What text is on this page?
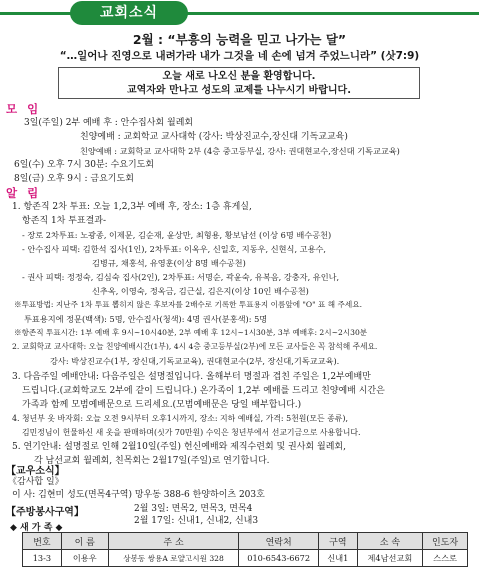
교회소식
2월 : “부흥의 능력을 믿고 나가는 달”
“…일어나 진영으로 내려가라 내가 그것을 네 손에 넘겨 주었느니라” (삿7:9)
오늘 새로 나오신 분을 환영합니다.
교역자와 만나고 성도의 교제를 나누시기 바랍니다.
모 임
3일(주일) 2부 예배 후 : 안수집사회 월례회
친양예배 : 교회학교 교사대학 (강사: 박상진교수,장신대 기독교교육)
친양예배 : 교회학교 교사대학 2부 (4층 중고등부실, 강사: 권대현교수,장신대 기독교교육)
6일(수) 오후 7시 30분: 수요기도회
8일(금) 오후 9시 : 금요기도회
알 림
1. 항존직 2차 투표: 오늘 1,2,3부 예배 후, 장소: 1층 휴게실,
항존직 1차 투표결과-
- 장로 2차투표: 노광종, 이제문, 김순재, 윤상만, 최형용, 황보남선 (이상 6명 배수공천)
- 안수집사 피택: 김한석 집사(1인), 2차투표: 이옥우, 신일호, 지동우, 신현식, 고용수,
김병규, 채홍석, 유영훈(이상 8명 배수공천)
- 권사 피택: 정정숙, 김심숙 집사(2인), 2차투표: 서명순, 곽윤숙, 유복음, 강충자, 유인나,
신추옥, 이영숙, 정옥금, 김근실, 김은지(이상 10인 배수공천)
※투표방법: 지난주 1차 투표 뽑히지 않은 후보자를 2배수로 기록한 투표용지 이름앞에 "O" 표 해 주세요.
투표용지에 정문(백색): 5명, 안수집사(청색): 4명 권사(분홍색): 5명
※항존직 투표시간: 1부 예배 후 9시~10시40분, 2부 예배 후 12시~1시30분, 3부 예배후: 2시~2시30분
2. 교회학교 교사대학: 오늘 친양예배시간(1부), 4시 4층 중고등부실(2부)에 모든 교사들은 꼭 참석해 주세요.
강사: 박상진교수(1부, 장신대,기독교교육), 권대현교수(2부, 장신대,기독교교육).
3. 다음주일 예배안내: 다음주일은 설명절입니다. 올해부터 명절과 겹친 주일은 1,2부예배만
드립니다.(교회학교도 2부에 같이 드립니다.) 온가족이 1,2부 예배를 드리고 친양예배 시간은
가족과 함께 모범예배문으로 드리세요.(모범예배문은 당일 배부합니다.)
4. 청년부 옷 바자회: 오늘 오전 9시부터 오후1시까지, 장소: 지하 예배실, 가격: 5천원(모든 종류),
김민정님이 헌물하신 새 옷을 판매하며(싯가 70만원) 수익은 청년부에서 선교기금으로 사용합니다.
5. 연기안내: 설명절로 인해 2월10일(주일) 헌신예배와 제직수련회 및 권사회 월례회,
각 남선교회 월례회, 친목회는 2월17일(주일)로 연기합니다.
【교우소식】
《감사합 일》
이 사: 김현미 성도(면목4구역) 망우동 388-6 한양하이츠 203호
【주방봉사구역】	2월 3일: 면목2, 면목3, 면목4
번호	이 름	주 소	연락처	구역	소 속	인도자
13-3	이용우	상봉동 쌍용A 로얄고시원 328	010-6543-6672	신내1	제4남선교회	스스로
2월 17일: 신내1, 신내2, 신내3
◆ 새 가 족 ◆
